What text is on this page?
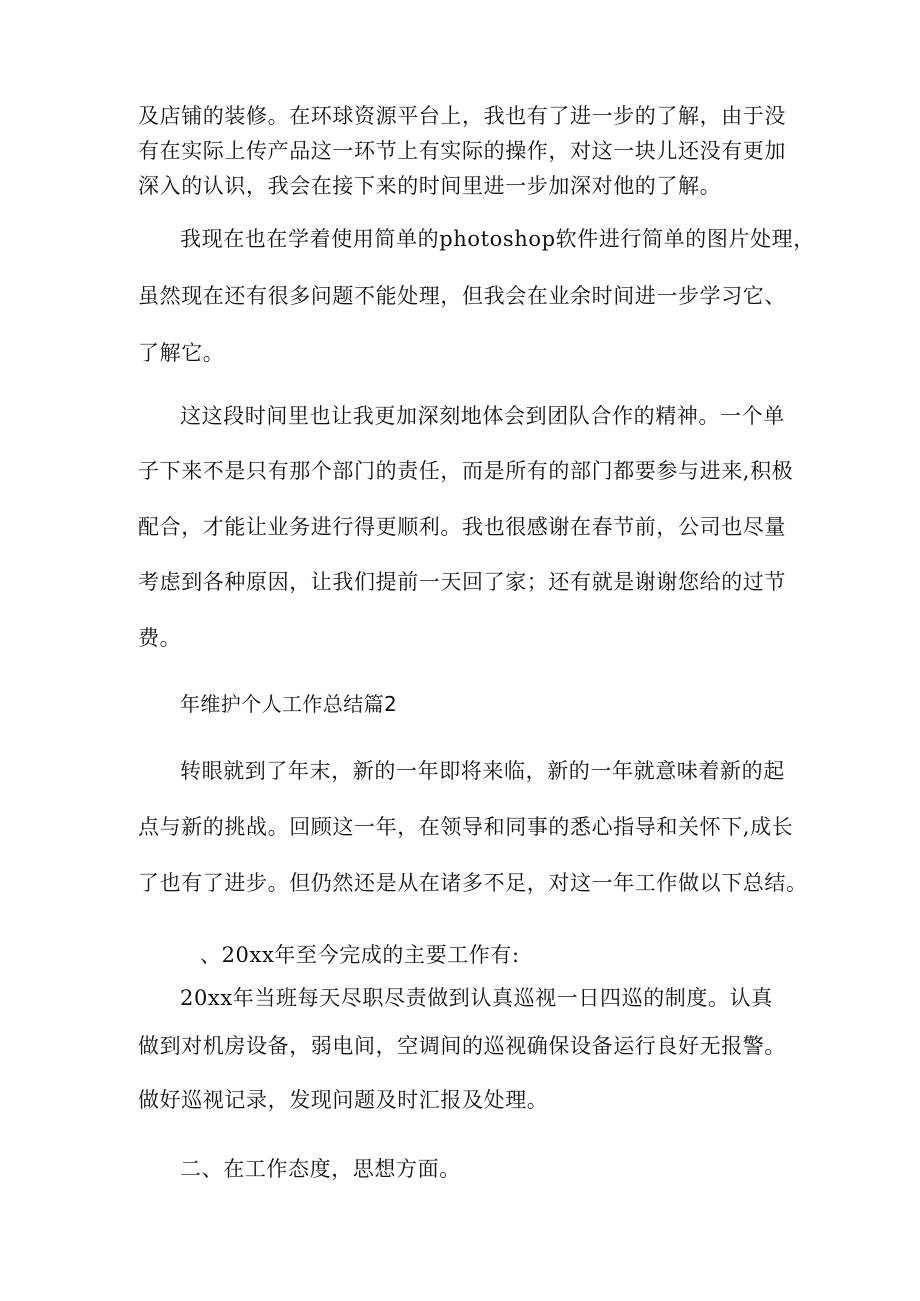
及店铺的装修。在环球资源平台上，我也有了进一步的了解，由于没
有在实际上传产品这一环节上有实际的操作，对这一块儿还没有更加
深入的认识，我会在接下来的时间里进一步加深对他的了解。
我现在也在学着使用简单的photoshop软件进行简单的图片处理，
虽然现在还有很多问题不能处理，但我会在业余时间进一步学习它、
了解它。
这这段时间里也让我更加深刻地体会到团队合作的精神。一个单
子下来不是只有那个部门的责任，而是所有的部门都要参与进来,积极
配合，才能让业务进行得更顺利。我也很感谢在春节前，公司也尽量
考虑到各种原因，让我们提前一天回了家；还有就是谢谢您给的过节
费。
年维护个人工作总结篇2
转眼就到了年末，新的一年即将来临，新的一年就意味着新的起
点与新的挑战。回顾这一年，在领导和同事的悉心指导和关怀下,成长
了也有了进步。但仍然还是从在诸多不足，对这一年工作做以下总结。
、20xx年至今完成的主要工作有:
20xx年当班每天尽职尽责做到认真巡视一日四巡的制度。认真
做到对机房设备，弱电间，空调间的巡视确保设备运行良好无报警。
做好巡视记录，发现问题及时汇报及处理。
二、在工作态度，思想方面。
